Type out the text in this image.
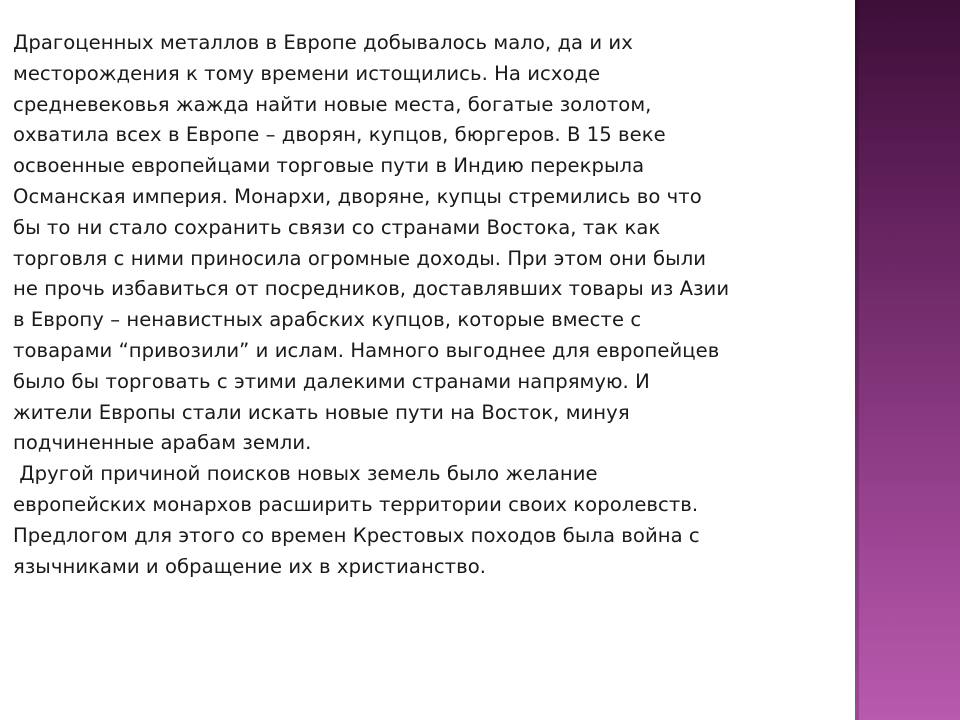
Драгоценных металлов в Европе добывалось мало, да и их
месторождения к тому времени истощились. На исходе
средневековья жажда найти новые места, богатые золотом,
охватила всех в Европе – дворян, купцов, бюргеров. В 15 веке
освоенные европейцами торговые пути в Индию перекрыла
Османская империя. Монархи, дворяне, купцы стремились во что
бы то ни стало сохранить связи со странами Востока, так как
торговля с ними приносила огромные доходы. При этом они были
не прочь избавиться от посредников, доставлявших товары из Азии
в Европу – ненавистных арабских купцов, которые вместе с
товарами “привозили” и ислам. Намного выгоднее для европейцев
было бы торговать с этими далекими странами напрямую. И
жители Европы стали искать новые пути на Восток, минуя
подчиненные арабам земли.
Другой причиной поисков новых земель было желание
европейских монархов расширить территории своих королевств.
Предлогом для этого со времен Крестовых походов была война с
язычниками и обращение их в христианство.
